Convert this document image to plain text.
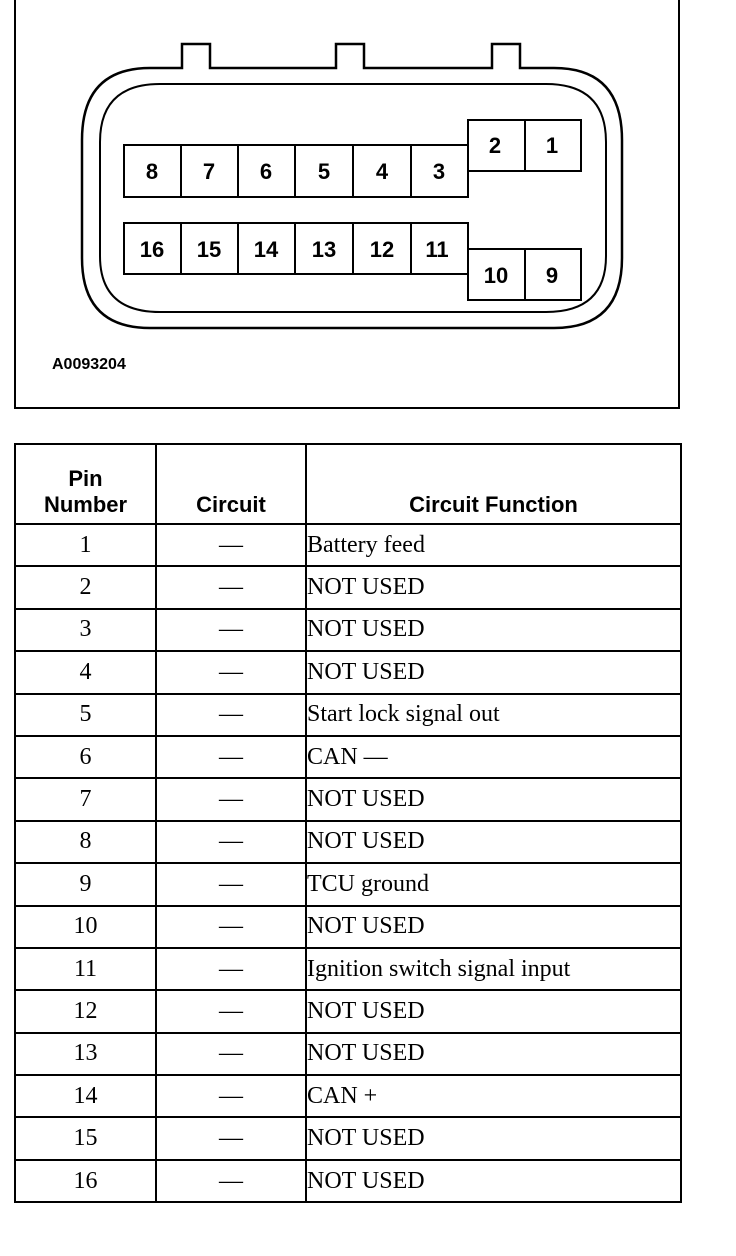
8 7 6 5 4 3
2 1
16 15 14 13 12 11
10 9
A0093204
Pin
Number	Circuit	Circuit Function
1	—	Battery feed
2	—	NOT USED
3	—	NOT USED
4	—	NOT USED
5	—	Start lock signal out
6	—	CAN —
7	—	NOT USED
8	—	NOT USED
9	—	TCU ground
10	—	NOT USED
11	—	Ignition switch signal input
12	—	NOT USED
13	—	NOT USED
14	—	CAN +
15	—	NOT USED
16	—	NOT USED
